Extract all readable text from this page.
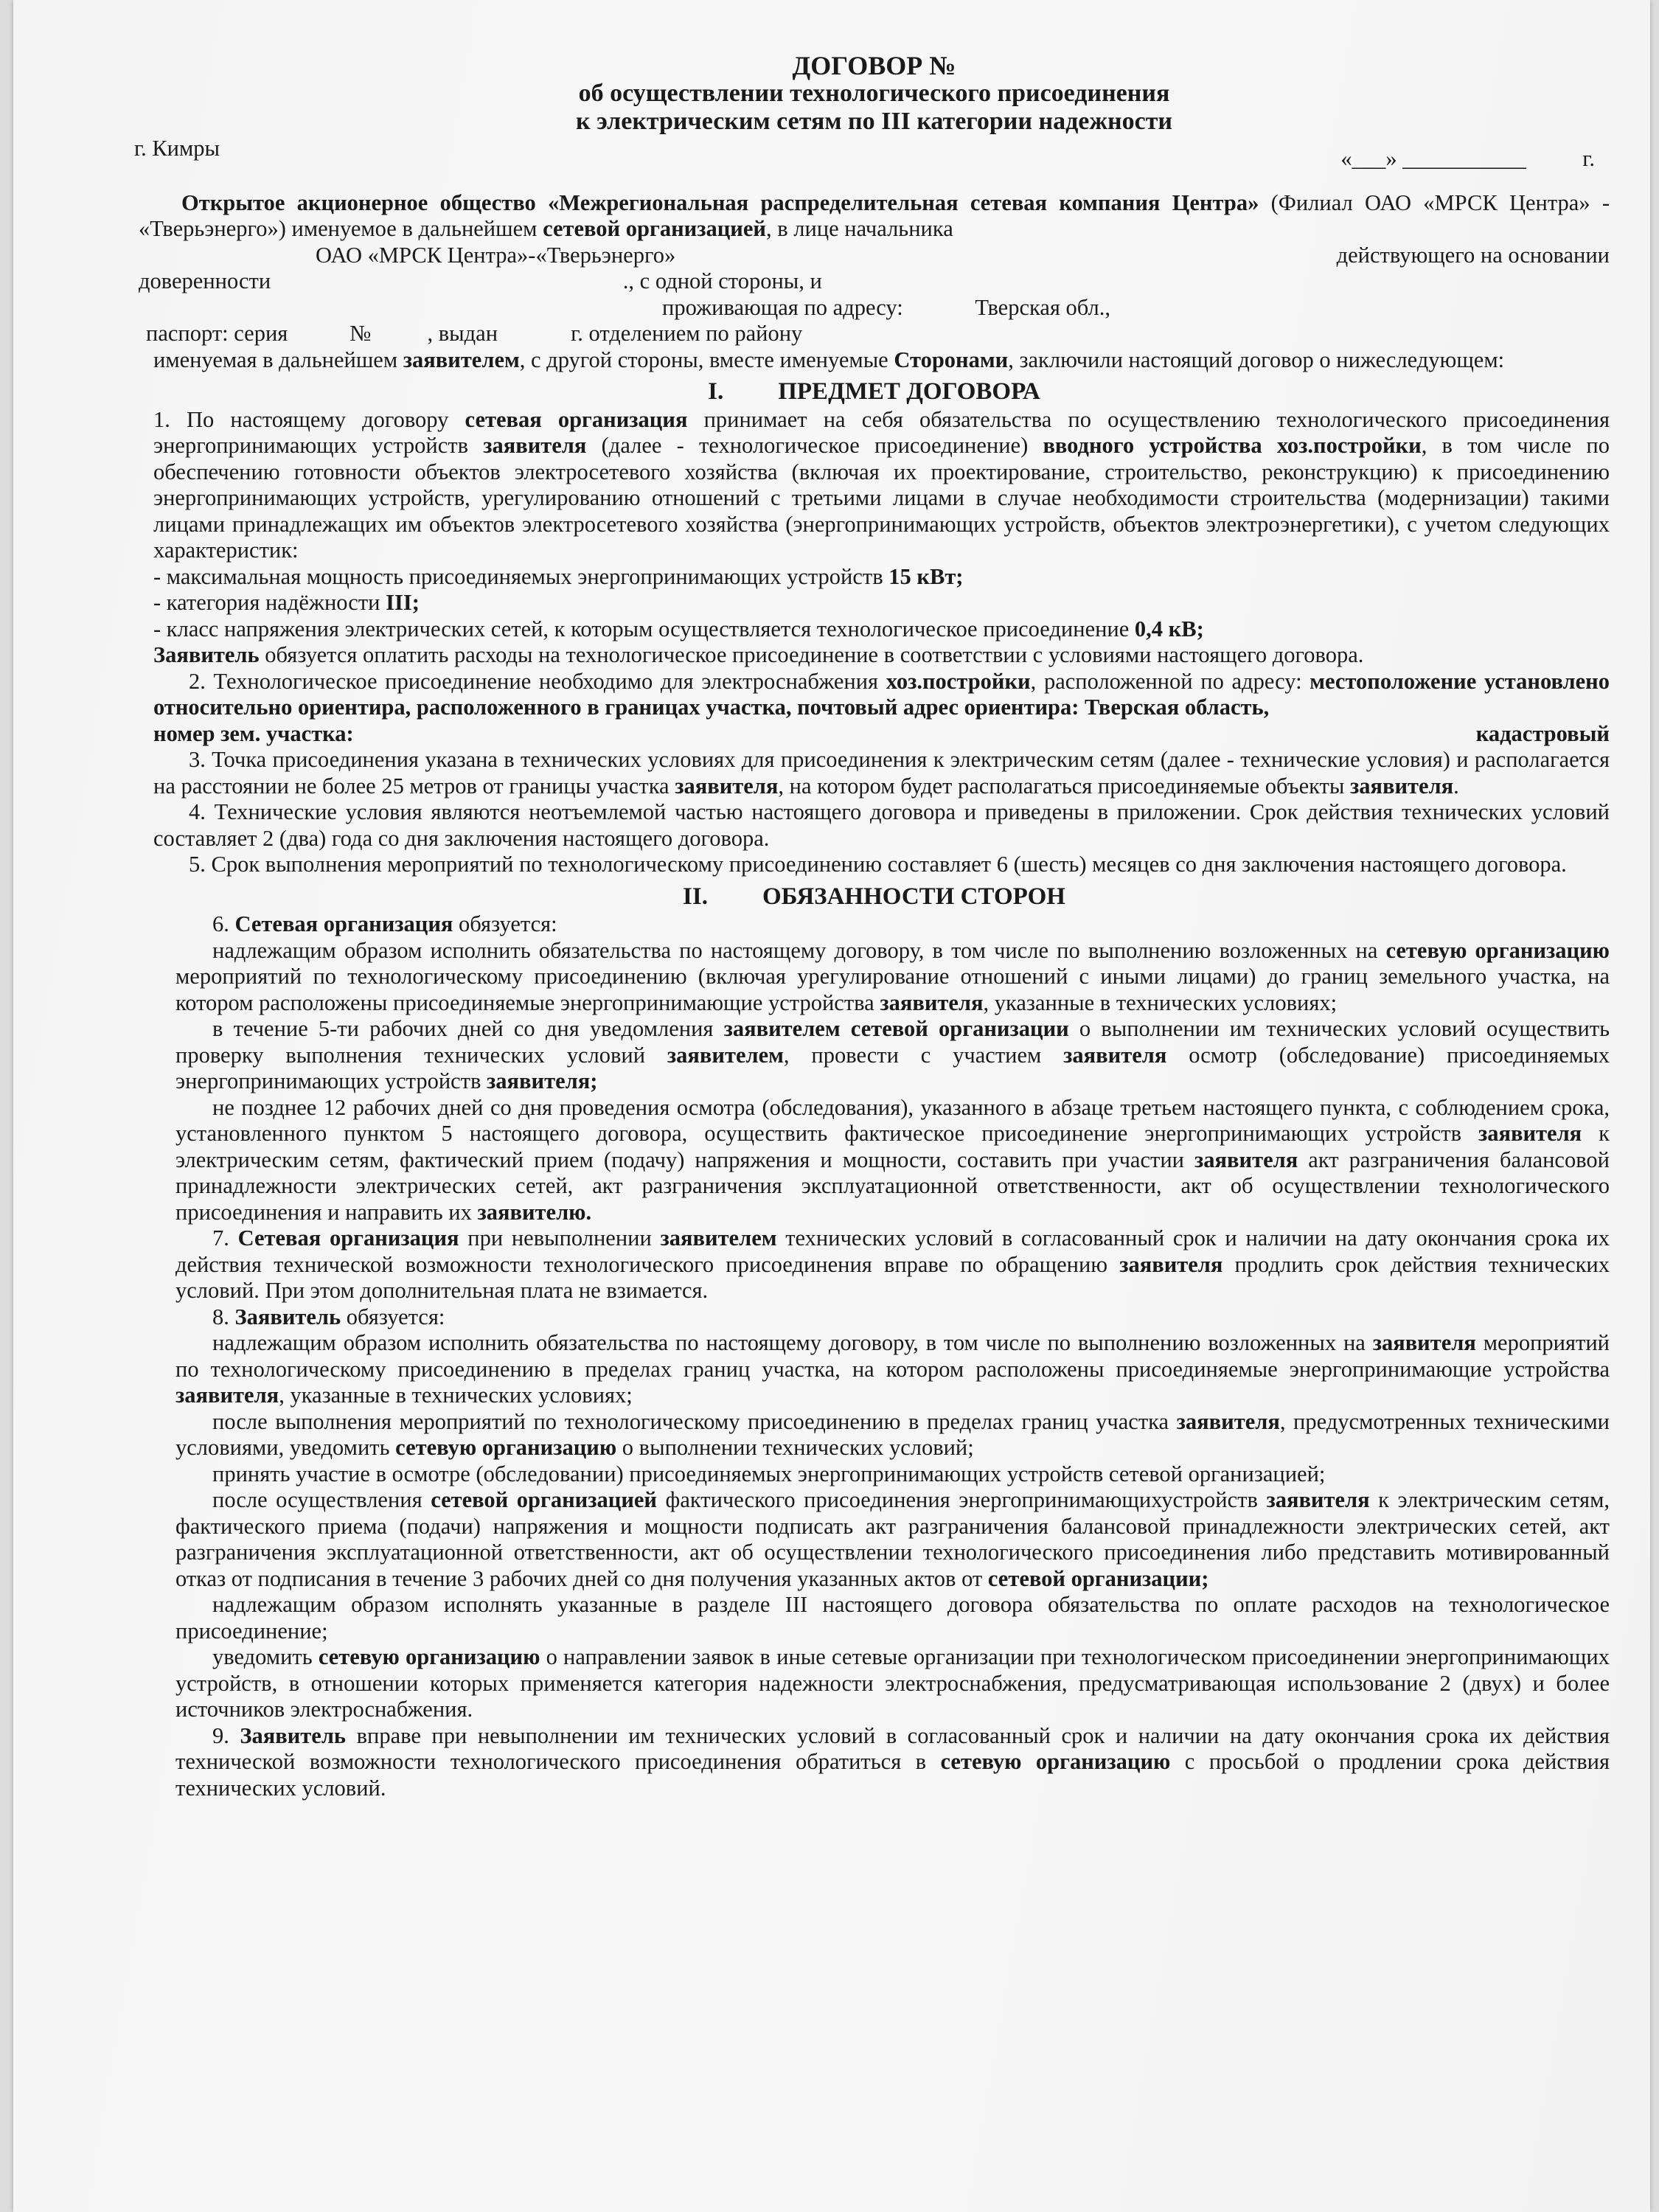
ДОГОВОР №
об осуществлении технологического присоединения
к электрическим сетям по III категории надежности
г. Кимры	«___» ___________          г.

Открытое акционерное общество «Межрегиональная распределительная сетевая компания Центра» (Филиал ОАО «МРСК Центра» - «Тверьэнерго») именуемое в дальнейшем сетевой организацией, в лице начальника

ОАО «МРСК Центра»-«Тверьэнерго»	действующего на основании
доверенности	., с одной стороны, и
проживающая по адресу:	Тверская обл.,
паспорт: серия           №          , выдан             г. отделением по району

именуемая в дальнейшем заявителем, с другой стороны, вместе именуемые Сторонами, заключили настоящий договор о нижеследующем:

I. ПРЕДМЕТ ДОГОВОРА

1. По настоящему договору сетевая организация принимает на себя обязательства по осуществлению технологического присоединения энергопринимающих устройств заявителя (далее - технологическое присоединение) вводного устройства хоз.постройки, в том числе по обеспечению готовности объектов электросетевого хозяйства (включая их проектирование, строительство, реконструкцию) к присоединению энергопринимающих устройств, урегулированию отношений с третьими лицами в случае необходимости строительства (модернизации) такими лицами принадлежащих им объектов электросетевого хозяйства (энергопринимающих устройств, объектов электроэнергетики), с учетом следующих характеристик:

- максимальная мощность присоединяемых энергопринимающих устройств 15 кВт;
- категория надёжности III;
- класс напряжения электрических сетей, к которым осуществляется технологическое присоединение 0,4 кВ;

Заявитель обязуется оплатить расходы на технологическое присоединение в соответствии с условиями настоящего договора.

2. Технологическое присоединение необходимо для электроснабжения хоз.постройки, расположенной по адресу: местоположение установлено относительно ориентира, расположенного в границах участка, почтовый адрес ориентира: Тверская область,

номер зем. участка:	кадастровый

3. Точка присоединения указана в технических условиях для присоединения к электрическим сетям (далее - технические условия) и располагается на расстоянии не более 25 метров от границы участка заявителя, на котором будет располагаться присоединяемые объекты заявителя.

4. Технические условия являются неотъемлемой частью настоящего договора и приведены в приложении. Срок действия технических условий составляет 2 (два) года со дня заключения настоящего договора.

5. Срок выполнения мероприятий по технологическому присоединению составляет 6 (шесть) месяцев со дня заключения настоящего договора.

II. ОБЯЗАННОСТИ СТОРОН

6. Сетевая организация обязуется:

надлежащим образом исполнить обязательства по настоящему договору, в том числе по выполнению возложенных на сетевую организацию мероприятий по технологическому присоединению (включая урегулирование отношений с иными лицами) до границ земельного участка, на котором расположены присоединяемые энергопринимающие устройства заявителя, указанные в технических условиях;

в течение 5-ти рабочих дней со дня уведомления заявителем сетевой организации о выполнении им технических условий осуществить проверку выполнения технических условий заявителем, провести с участием заявителя осмотр (обследование) присоединяемых энергопринимающих устройств заявителя;

не позднее 12 рабочих дней со дня проведения осмотра (обследования), указанного в абзаце третьем настоящего пункта, с соблюдением срока, установленного пунктом 5 настоящего договора, осуществить фактическое присоединение энергопринимающих устройств заявителя к электрическим сетям, фактический прием (подачу) напряжения и мощности, составить при участии заявителя акт разграничения балансовой принадлежности электрических сетей, акт разграничения эксплуатационной ответственности, акт об осуществлении технологического присоединения и направить их заявителю.

7. Сетевая организация при невыполнении заявителем технических условий в согласованный срок и наличии на дату окончания срока их действия технической возможности технологического присоединения вправе по обращению заявителя продлить срок действия технических условий. При этом дополнительная плата не взимается.

8. Заявитель обязуется:

надлежащим образом исполнить обязательства по настоящему договору, в том числе по выполнению возложенных на заявителя мероприятий по технологическому присоединению в пределах границ участка, на котором расположены присоединяемые энергопринимающие устройства заявителя, указанные в технических условиях;

после выполнения мероприятий по технологическому присоединению в пределах границ участка заявителя, предусмотренных техническими условиями, уведомить сетевую организацию о выполнении технических условий;

принять участие в осмотре (обследовании) присоединяемых энергопринимающих устройств сетевой организацией;

после осуществления сетевой организацией фактического присоединения энергопринимающихустройств заявителя к электрическим сетям, фактического приема (подачи) напряжения и мощности подписать акт разграничения балансовой принадлежности электрических сетей, акт разграничения эксплуатационной ответственности, акт об осуществлении технологического присоединения либо представить мотивированный отказ от подписания в течение 3 рабочих дней со дня получения указанных актов от сетевой организации;

надлежащим образом исполнять указанные в разделе III настоящего договора обязательства по оплате расходов на технологическое присоединение;

уведомить сетевую организацию о направлении заявок в иные сетевые организации при технологическом присоединении энергопринимающих устройств, в отношении которых применяется категория надежности электроснабжения, предусматривающая использование 2 (двух) и более источников электроснабжения.

9. Заявитель вправе при невыполнении им технических условий в согласованный срок и наличии на дату окончания срока их действия технической возможности технологического присоединения обратиться в сетевую организацию с просьбой о продлении срока действия технических условий.
